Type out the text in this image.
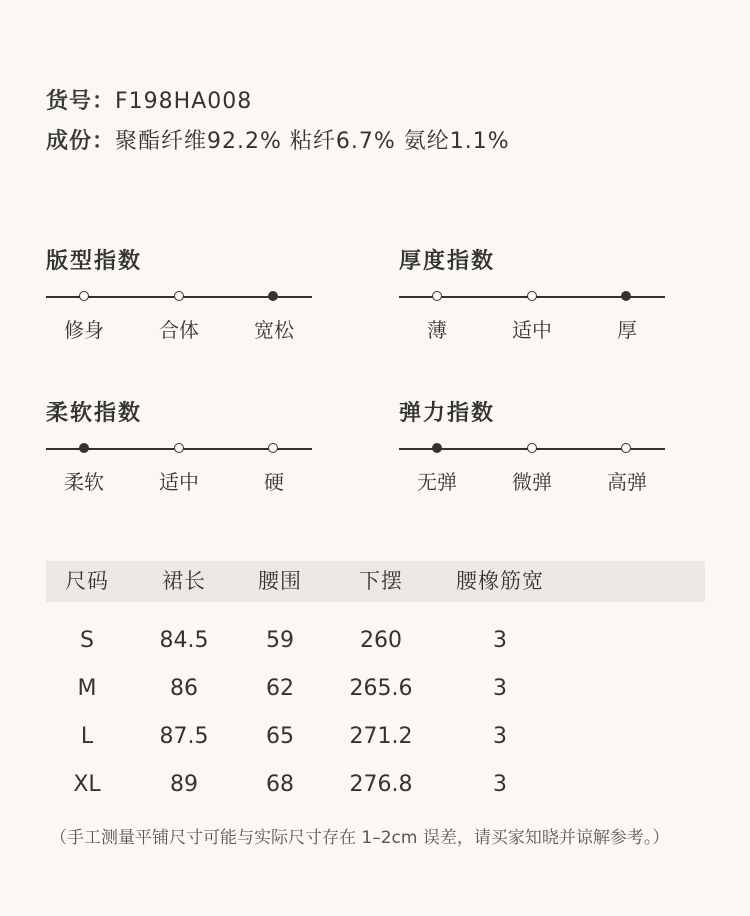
货号：F198HA008
成份：聚酯纤维92.2% 粘纤6.7% 氨纶1.1%
版型指数
修身	合体	宽松
厚度指数
薄	适中	厚
柔软指数
柔软	适中	硬
弹力指数
无弹	微弹	高弹
尺码	裙长	腰围	下摆	腰橡筋宽
S	84.5	59	260	3
M	86	62	265.6	3
L	87.5	65	271.2	3
XL	89	68	276.8	3
（手工测量平铺尺寸可能与实际尺寸存在 1–2cm 误差，请买家知晓并谅解参考。）
